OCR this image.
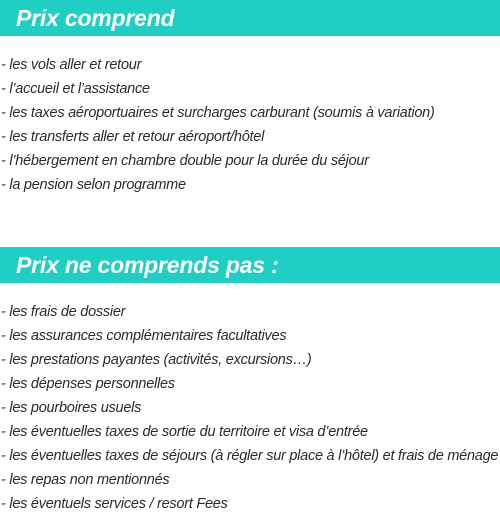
Prix comprend
- les vols aller et retour
- l’accueil et l’assistance
- les taxes aéroportuaires et surcharges carburant (soumis à variation)
- les transferts aller et retour aéroport/hôtel
- l’hébergement en chambre double pour la durée du séjour
- la pension selon programme
Prix ne comprends pas :
- les frais de dossier
- les assurances complémentaires facultatives
- les prestations payantes (activités, excursions…)
- les dépenses personnelles
- les pourboires usuels
- les éventuelles taxes de sortie du territoire et visa d’entrée
- les éventuelles taxes de séjours (à régler sur place à l’hôtel) et frais de ménage
- les repas non mentionnés
- les éventuels services / resort Fees
